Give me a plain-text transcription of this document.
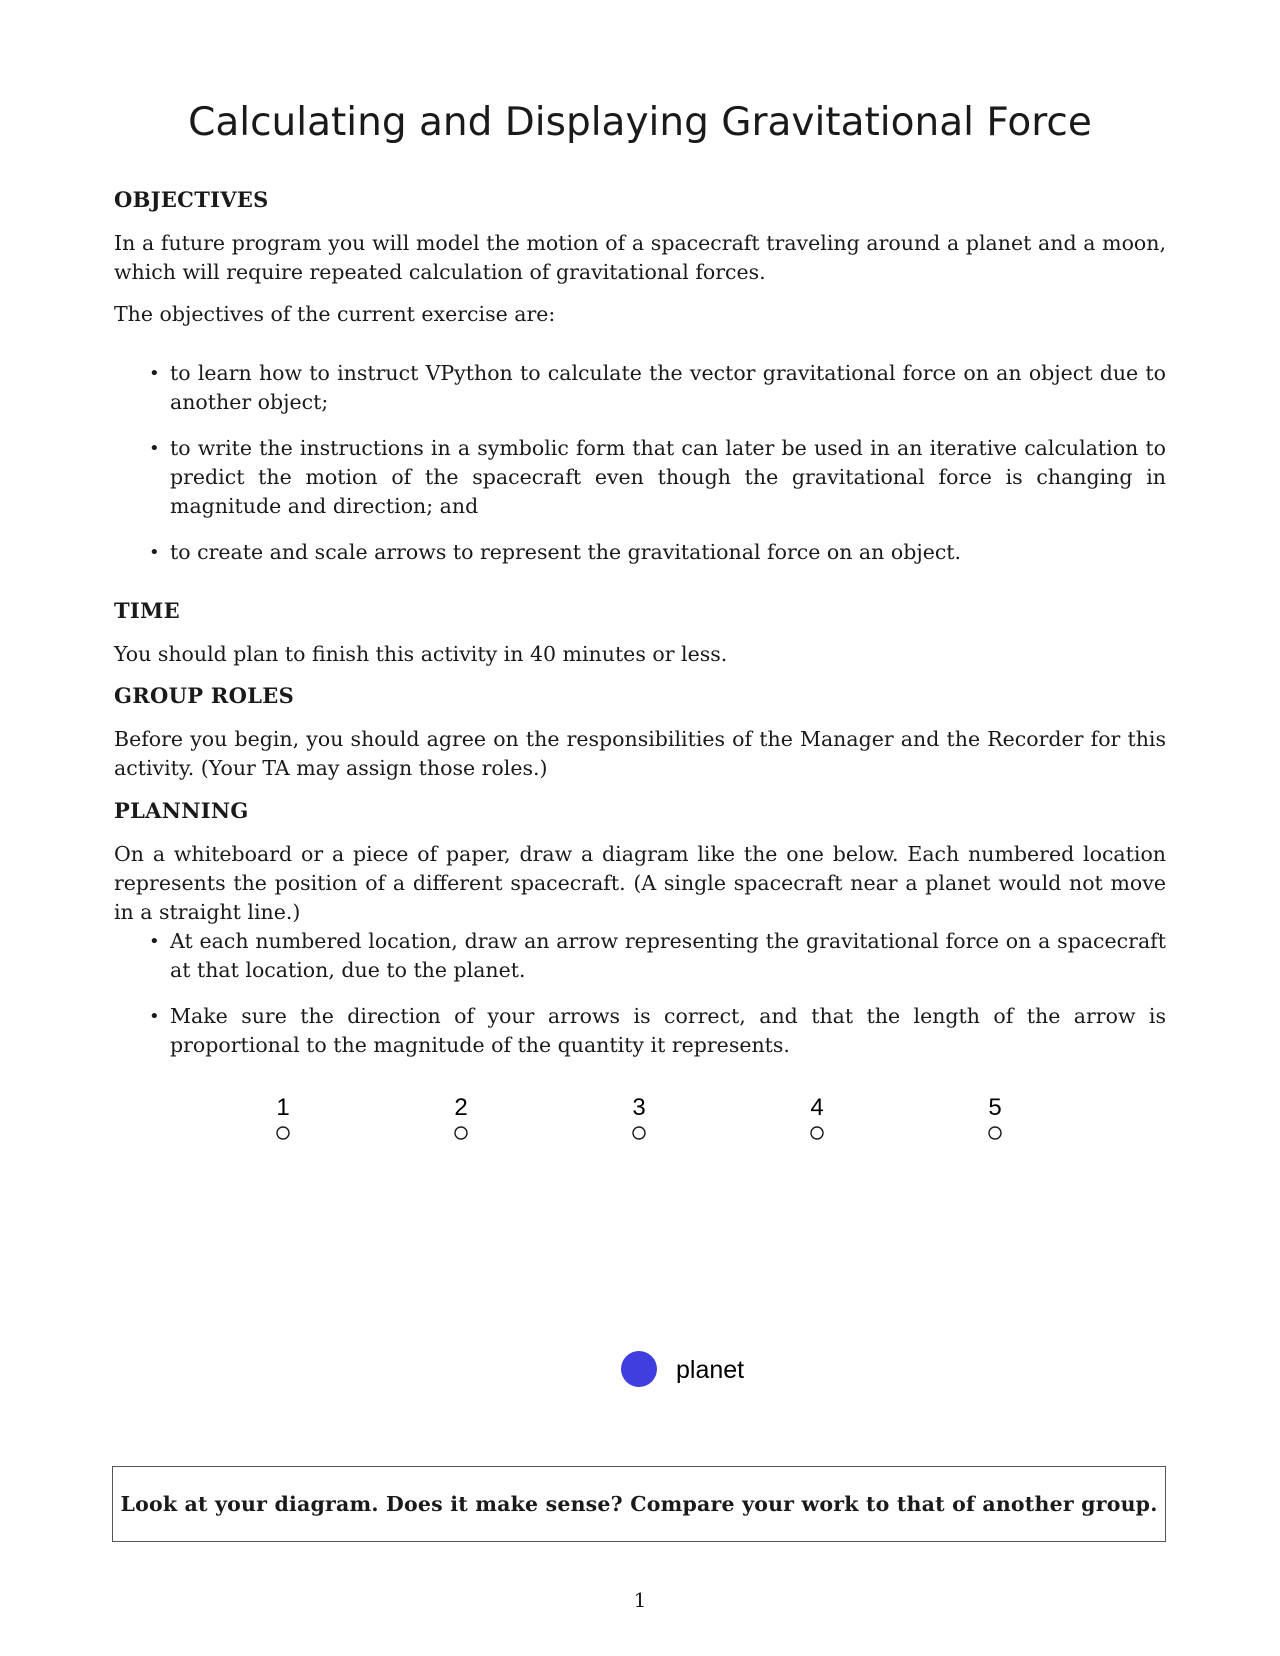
Calculating and Displaying Gravitational Force
OBJECTIVES

In a future program you will model the motion of a spacecraft traveling around a planet and a moon, which will require repeated calculation of gravitational forces.

The objectives of the current exercise are:

• to learn how to instruct VPython to calculate the vector gravitational force on an object due to another object;
• to write the instructions in a symbolic form that can later be used in an iterative calculation to predict the motion of the spacecraft even though the gravitational force is changing in magnitude and direction; and
• to create and scale arrows to represent the gravitational force on an object.
TIME

You should plan to finish this activity in 40 minutes or less.

GROUP ROLES

Before you begin, you should agree on the responsibilities of the Manager and the Recorder for this activity. (Your TA may assign those roles.)

PLANNING

On a whiteboard or a piece of paper, draw a diagram like the one below. Each numbered location represents the position of a different spacecraft. (A single spacecraft near a planet would not move in a straight line.)

• At each numbered location, draw an arrow representing the gravitational force on a spacecraft at that location, due to the planet.
• Make sure the direction of your arrows is correct, and that the length of the arrow is proportional to the magnitude of the quantity it represents.
1	2	3	4	5
planet
Look at your diagram. Does it make sense? Compare your work to that of another group.
1
